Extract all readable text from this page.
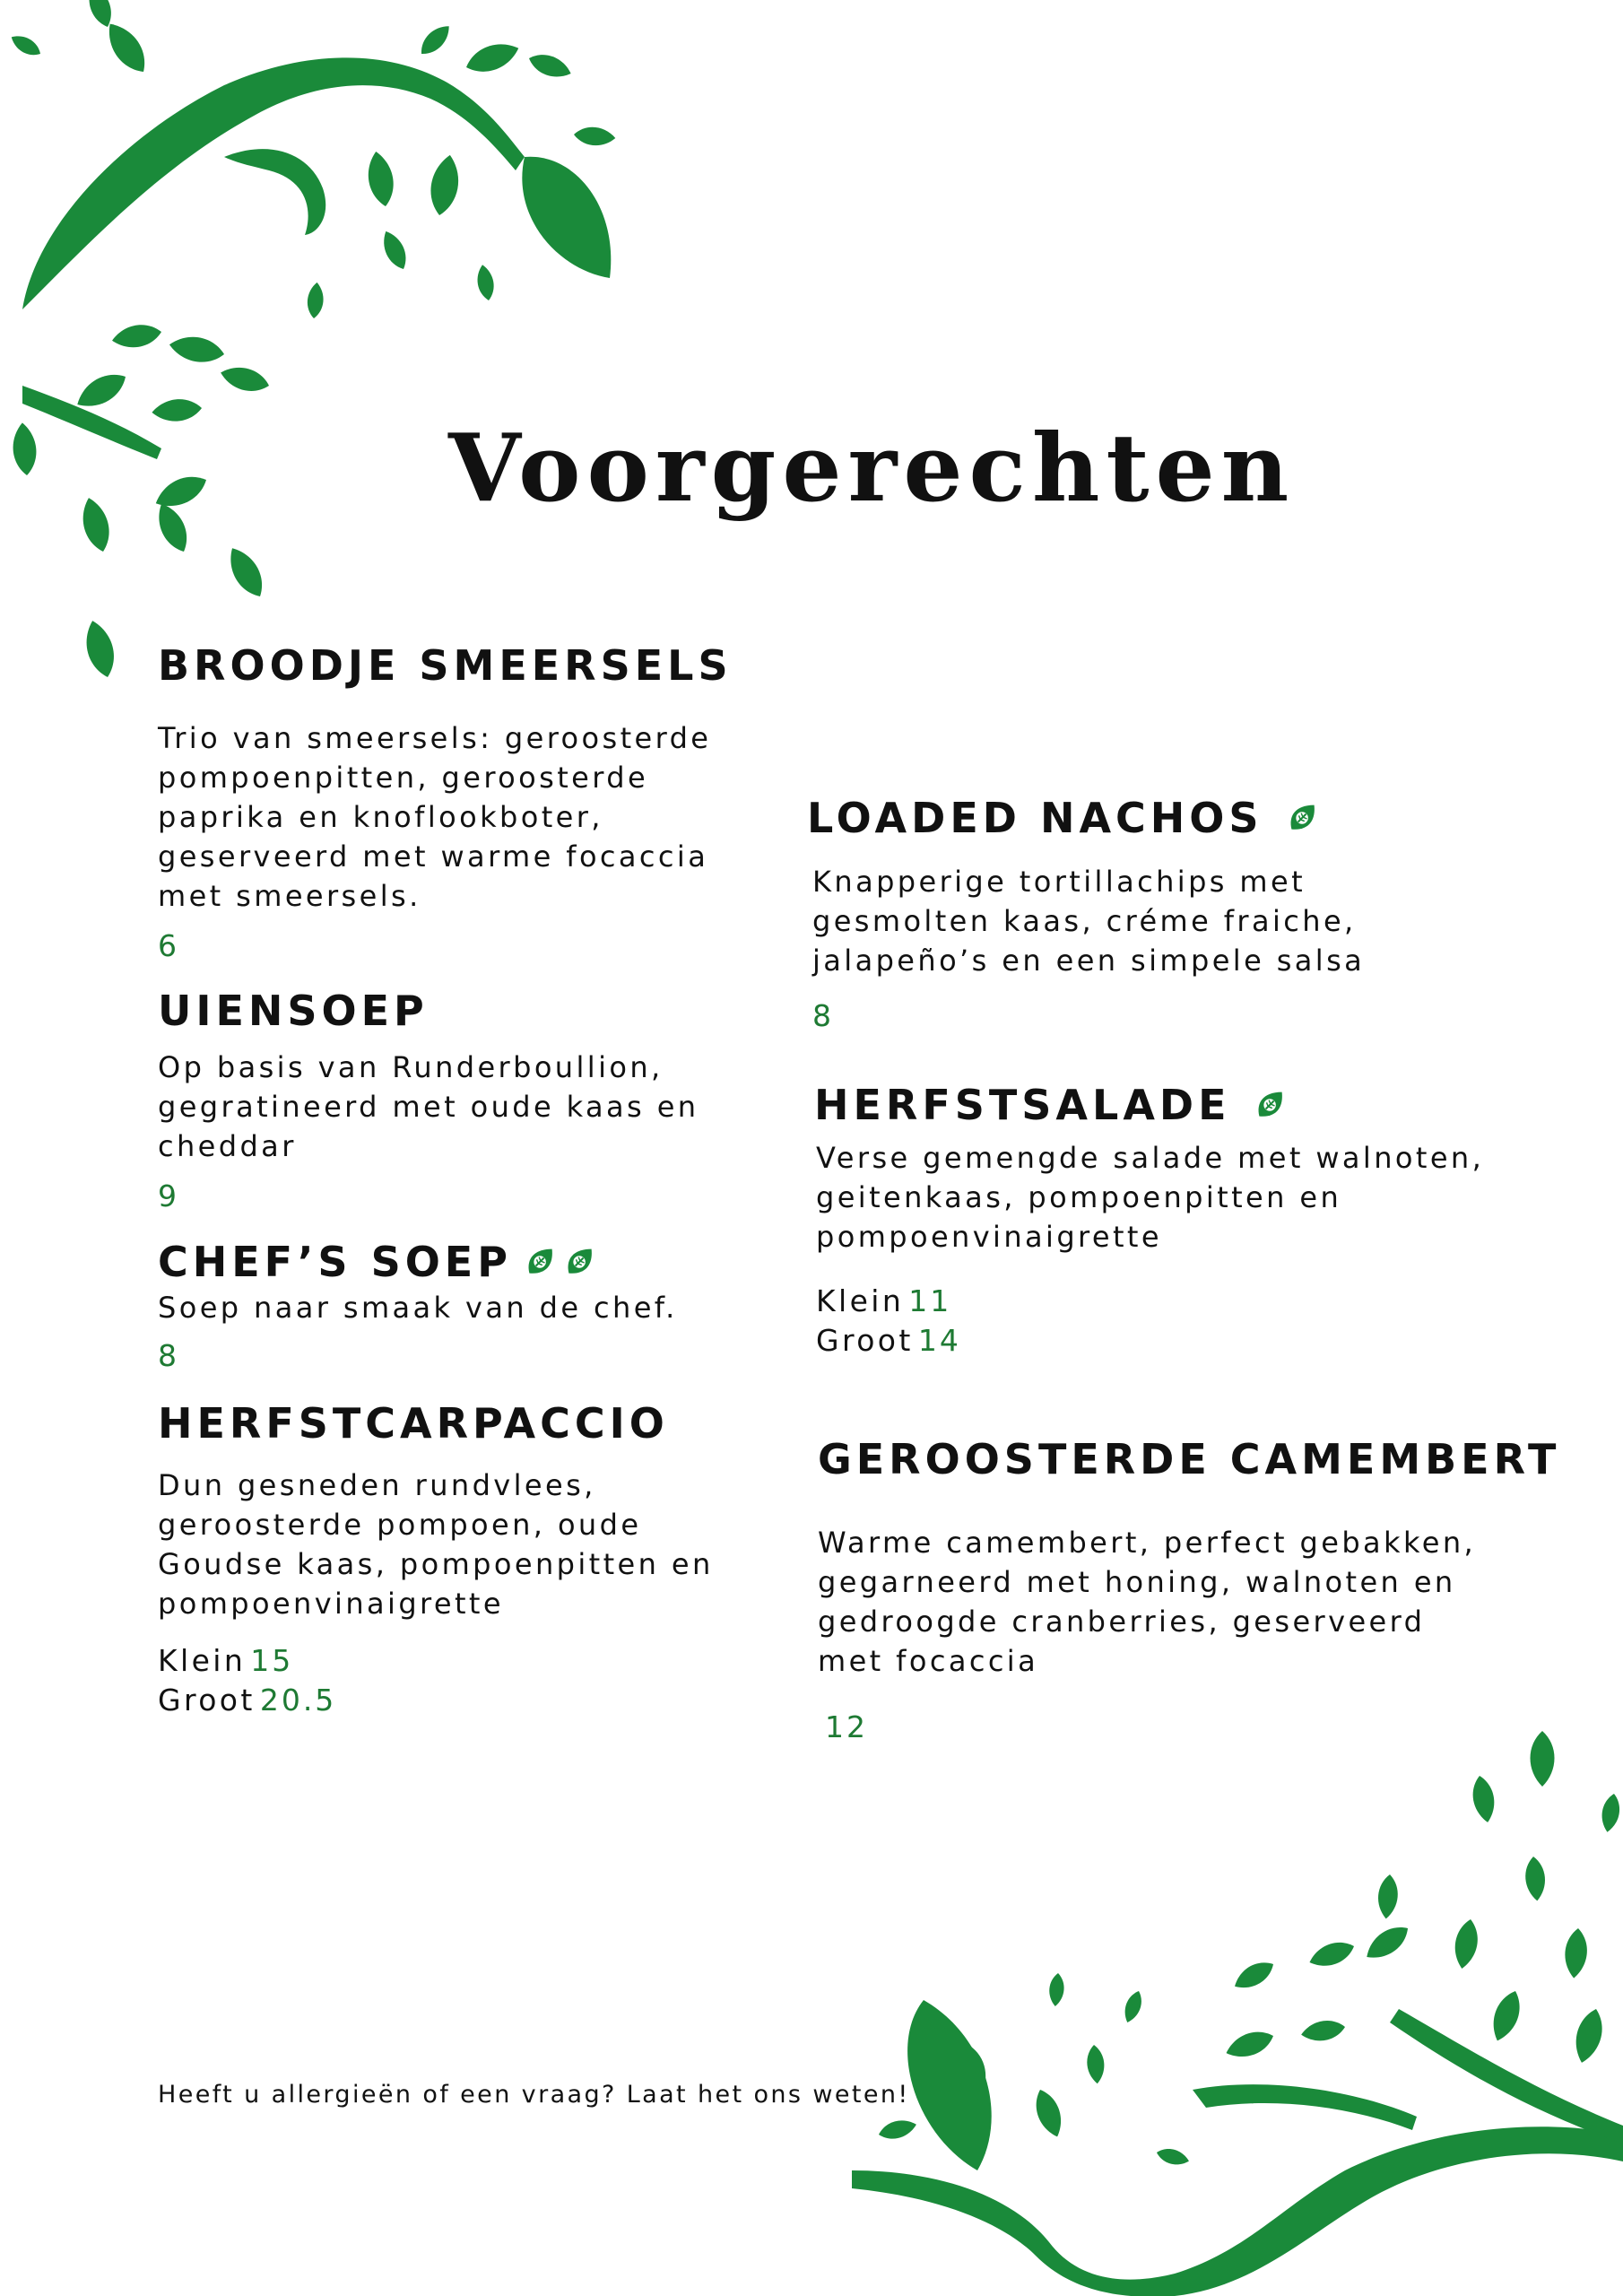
Voorgerechten
BROODJE SMEERSELS

Trio van smeersels: geroosterde pompoenpitten, geroosterde paprika en knoflookboter, geserveerd met warme focaccia met smeersels.

6
UIENSOEP

Op basis van Runderboullion, gegratineerd met oude kaas en cheddar

9
CHEF’S SOEP

Soep naar smaak van de chef.

8
HERFSTCARPACCIO

Dun gesneden rundvlees, geroosterde pompoen, oude Goudse kaas, pompoenpitten en pompoenvinaigrette

Klein 15
Groot 20.5
LOADED NACHOS

Knapperige tortillachips met gesmolten kaas, créme fraiche, jalapeño’s en een simpele salsa

8
HERFSTSALADE

Verse gemengde salade met walnoten, geitenkaas, pompoenpitten en pompoenvinaigrette

Klein 11
Groot 14
GEROOSTERDE CAMEMBERT

Warme camembert, perfect gebakken, gegarneerd met honing, walnoten en gedroogde cranberries, geserveerd met focaccia

12
Heeft u allergieën of een vraag? Laat het ons weten!
